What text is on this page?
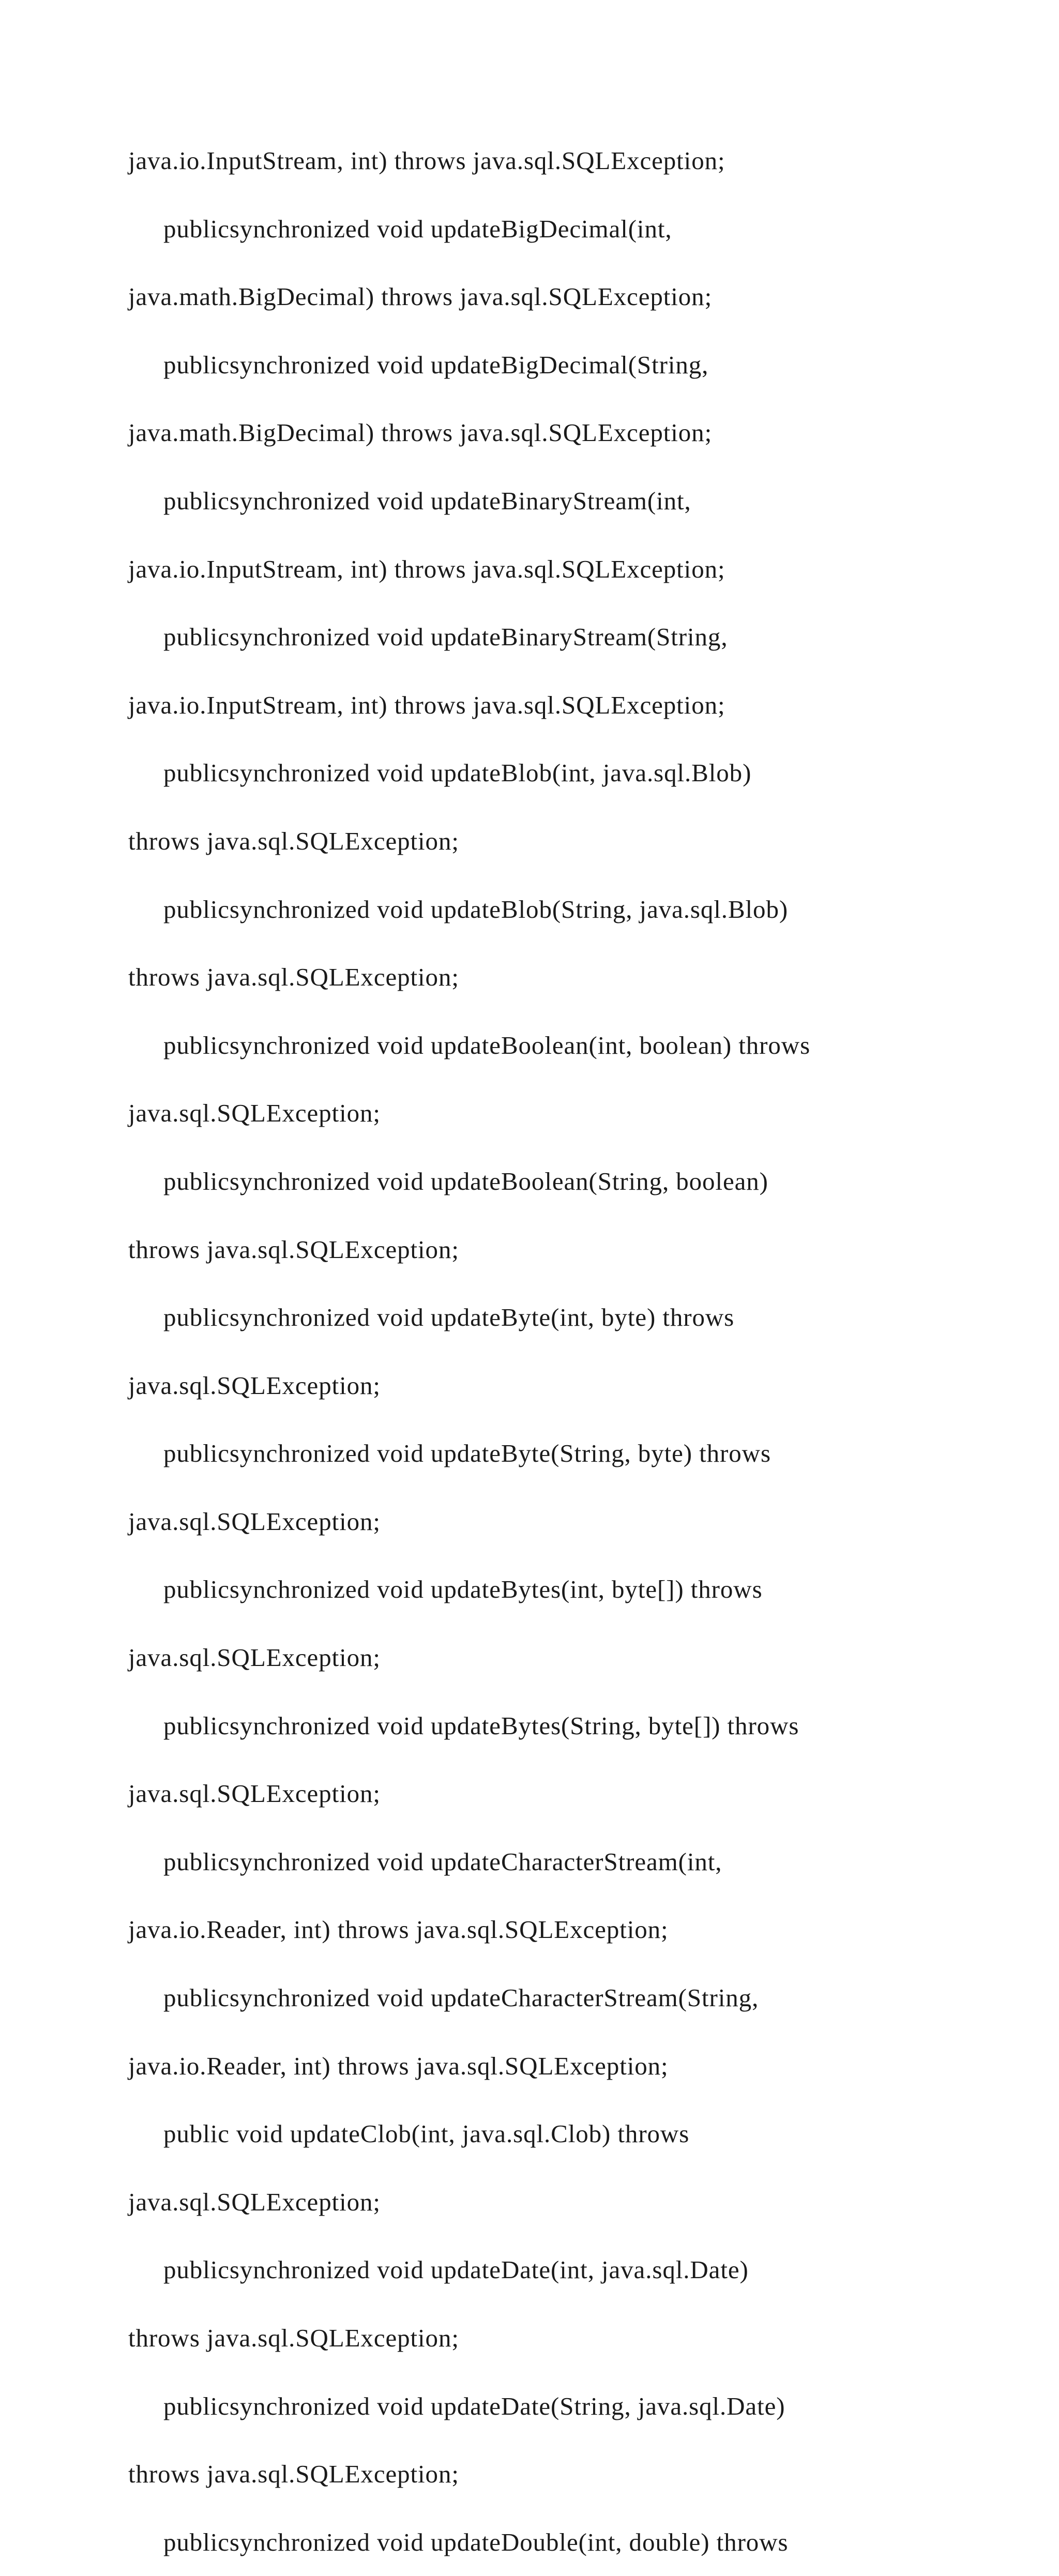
java.io.InputStream, int) throws java.sql.SQLException;
publicsynchronized void updateBigDecimal(int,
java.math.BigDecimal) throws java.sql.SQLException;
publicsynchronized void updateBigDecimal(String,
java.math.BigDecimal) throws java.sql.SQLException;
publicsynchronized void updateBinaryStream(int,
java.io.InputStream, int) throws java.sql.SQLException;
publicsynchronized void updateBinaryStream(String,
java.io.InputStream, int) throws java.sql.SQLException;
publicsynchronized void updateBlob(int, java.sql.Blob)
throws java.sql.SQLException;
publicsynchronized void updateBlob(String, java.sql.Blob)
throws java.sql.SQLException;
publicsynchronized void updateBoolean(int, boolean) throws
java.sql.SQLException;
publicsynchronized void updateBoolean(String, boolean)
throws java.sql.SQLException;
publicsynchronized void updateByte(int, byte) throws
java.sql.SQLException;
publicsynchronized void updateByte(String, byte) throws
java.sql.SQLException;
publicsynchronized void updateBytes(int, byte[]) throws
java.sql.SQLException;
publicsynchronized void updateBytes(String, byte[]) throws
java.sql.SQLException;
publicsynchronized void updateCharacterStream(int,
java.io.Reader, int) throws java.sql.SQLException;
publicsynchronized void updateCharacterStream(String,
java.io.Reader, int) throws java.sql.SQLException;
public void updateClob(int, java.sql.Clob) throws
java.sql.SQLException;
publicsynchronized void updateDate(int, java.sql.Date)
throws java.sql.SQLException;
publicsynchronized void updateDate(String, java.sql.Date)
throws java.sql.SQLException;
publicsynchronized void updateDouble(int, double) throws
